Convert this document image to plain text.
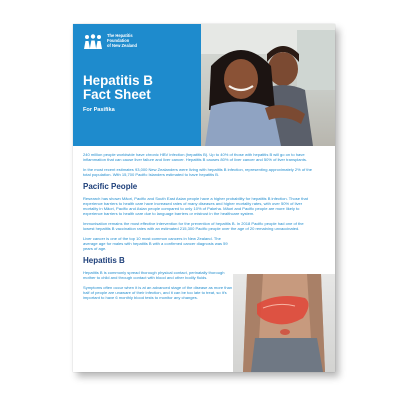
The Hepatitis
Foundation
of New Zealand
Hepatitis B
Fact Sheet
For Pasifika

240 million people worldwide have chronic HBV infection (hepatitis B). Up to 40% of those with hepatitis B will go on to have inflammation that can cause liver failure and liver cancer. Hepatitis B causes 80% of liver cancer and 50% of liver transplants.

In the most recent estimates 93,000 New Zealanders were living with hepatitis B infection, representing approximately 2% of the total population. With 15,700 Pacific Islanders estimated to have hepatitis B.

Pacific People

Research has shown Māori, Pacific and South East Asian people have a higher probability for hepatitis B infection. Those that experience barriers to health care have increased rates of many diseases and higher mortality rates, with over 50% of liver mortality in Māori, Pacific and Asian people compared to only 10% of Pakeha. Māori and Pacific people are more likely to experience barriers to health care due to language barriers or mistrust in the healthcare system.

Immunisation remains the most effective intervention for the prevention of hepatitis B. In 2018 Pacific people had one of the lowest hepatitis B vaccination rates with an estimated 215,300 Pacific people over the age of 20 remaining unvaccinated.

Liver cancer is one of the top 10 most common cancers in New Zealand. The average age for males with hepatitis B with a confirmed cancer diagnosis was 59 years of age.

Hepatitis B

Hepatitis B is commonly spread thorough physical contact, perinatally thorough mother to child and through contact with blood and other bodily fluids.

Symptoms often occur when it is at an advanced stage of the disease as more than half of people are unaware of their infection, and it can be too late to treat, so it's important to have 6 monthly blood tests to monitor any changes.
